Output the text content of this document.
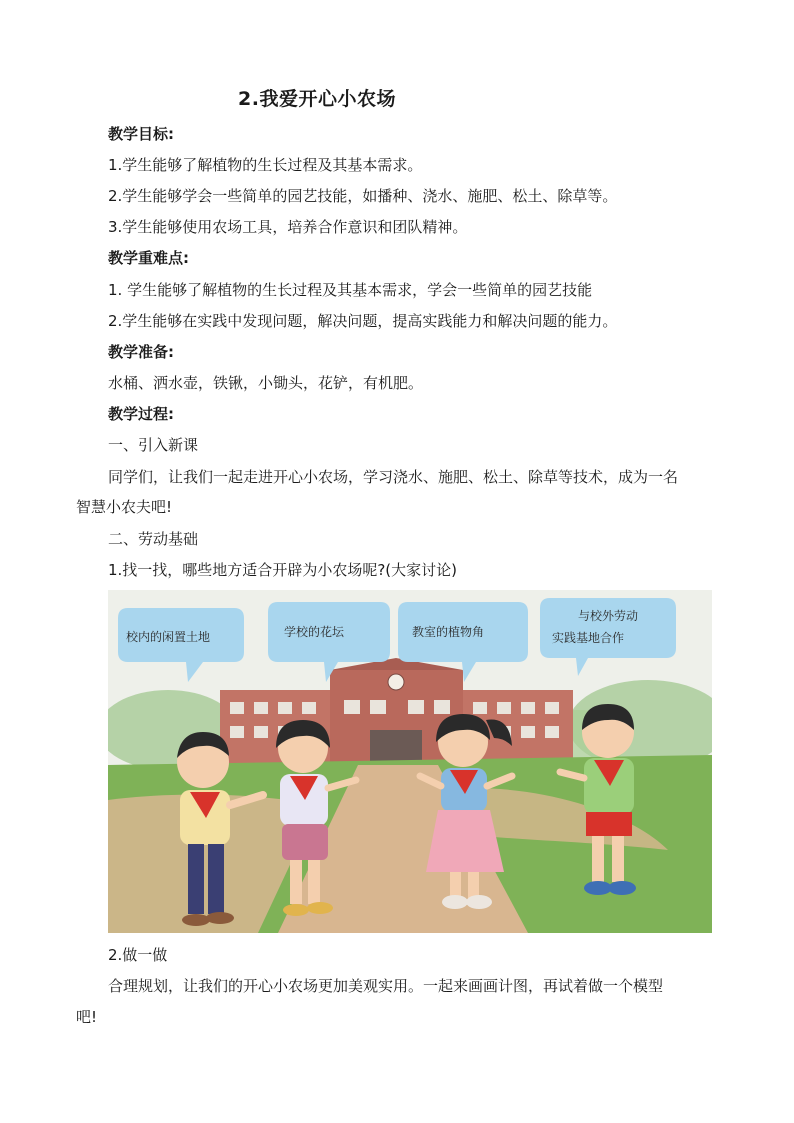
2.我爱开心小农场
教学目标:
1.学生能够了解植物的生长过程及其基本需求。
2.学生能够学会一些简单的园艺技能，如播种、浇水、施肥、松土、除草等。
3.学生能够使用农场工具，培养合作意识和团队精神。
教学重难点:
1. 学生能够了解植物的生长过程及其基本需求，学会一些简单的园艺技能
2.学生能够在实践中发现问题，解决问题，提高实践能力和解决问题的能力。
教学准备:
水桶、洒水壶，铁锹，小锄头，花铲，有机肥。
教学过程:
一、引入新课
同学们，让我们一起走进开心小农场，学习浇水、施肥、松土、除草等技术，成为一名
智慧小农夫吧!
二、劳动基础
1.找一找，哪些地方适合开辟为小农场呢?(大家讨论)
校内的闲置土地	学校的花坛	教室的植物角
与校外劳动
实践基地合作
2.做一做
合理规划，让我们的开心小农场更加美观实用。一起来画画计图，再试着做一个模型
吧!
